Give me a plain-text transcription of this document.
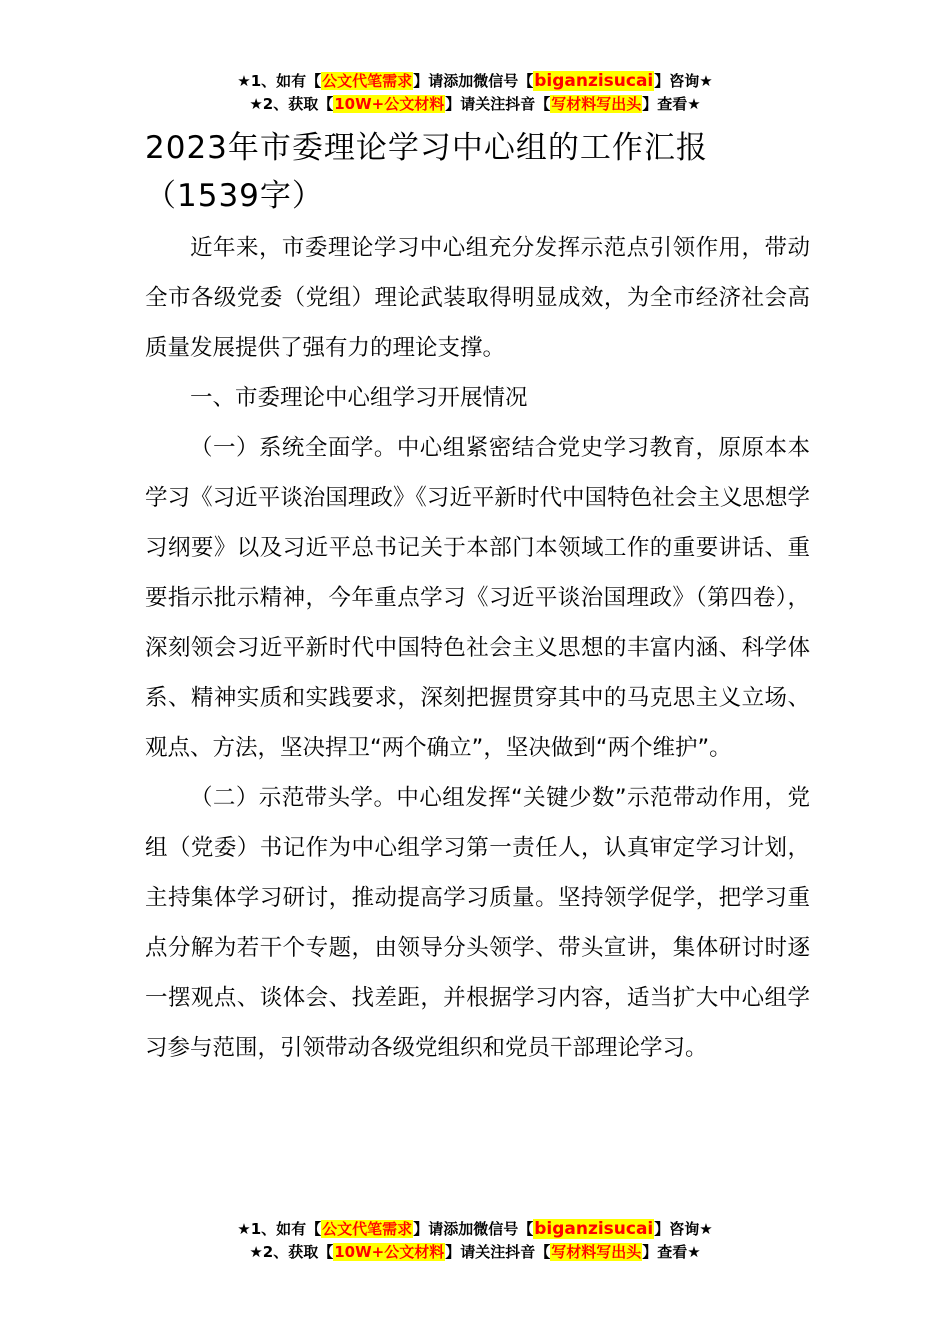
★1、如有【公文代笔需求】请添加微信号【biganzisucai】咨询★
★2、获取【10W+公文材料】请关注抖音【写材料写出头】查看★
2023年市委理论学习中心组的工作汇报
（1539字）

近年来，市委理论学习中心组充分发挥示范点引领作用，带动全市各级党委（党组）理论武装取得明显成效，为全市经济社会高质量发展提供了强有力的理论支撑。

一、市委理论中心组学习开展情况

（一）系统全面学。中心组紧密结合党史学习教育，原原本本学习《习近平谈治国理政》《习近平新时代中国特色社会主义思想学习纲要》以及习近平总书记关于本部门本领域工作的重要讲话、重要指示批示精神，今年重点学习《习近平谈治国理政》（第四卷），深刻领会习近平新时代中国特色社会主义思想的丰富内涵、科学体系、精神实质和实践要求，深刻把握贯穿其中的马克思主义立场、观点、方法，坚决捍卫“两个确立”，坚决做到“两个维护”。

（二）示范带头学。中心组发挥“关键少数”示范带动作用，党组（党委）书记作为中心组学习第一责任人，认真审定学习计划，主持集体学习研讨，推动提高学习质量。坚持领学促学，把学习重点分解为若干个专题，由领导分头领学、带头宣讲，集体研讨时逐一摆观点、谈体会、找差距，并根据学习内容，适当扩大中心组学习参与范围，引领带动各级党组织和党员干部理论学习。

★1、如有【公文代笔需求】请添加微信号【biganzisucai】咨询★
★2、获取【10W+公文材料】请关注抖音【写材料写出头】查看★
